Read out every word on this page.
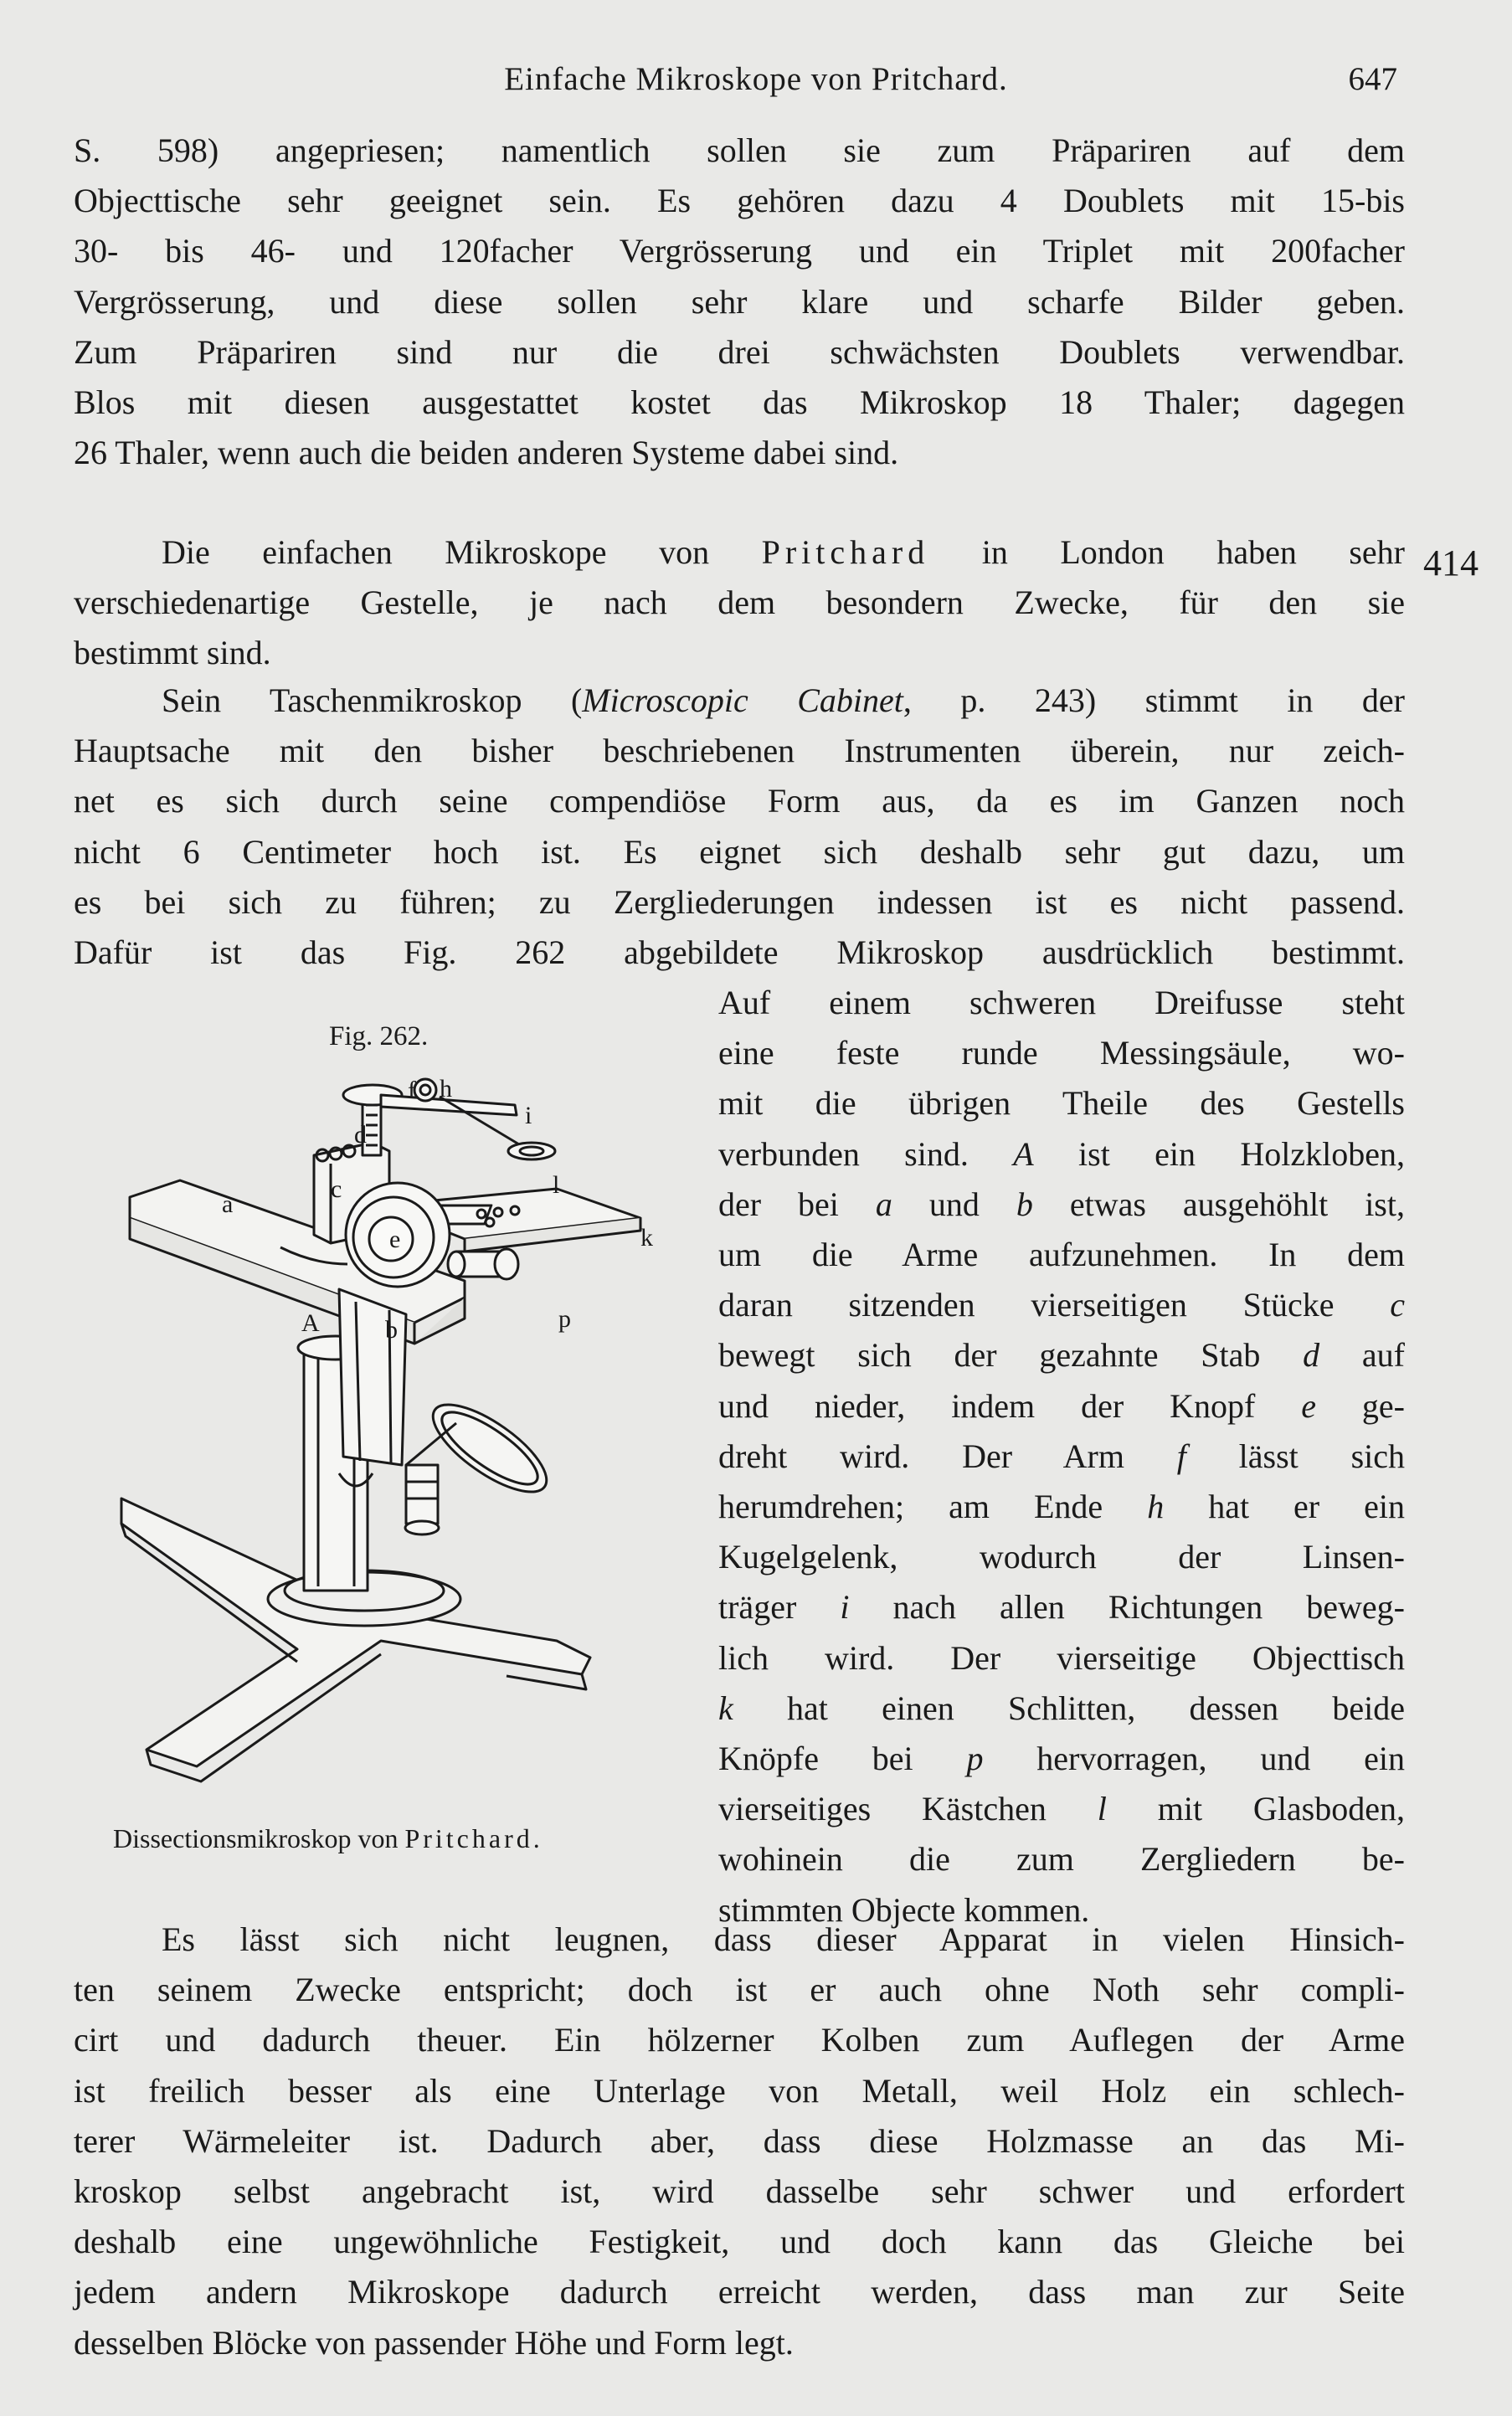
Einfache Mikroskope von Pritchard.	647
S. 598) angepriesen; namentlich sollen sie zum Präpariren auf dem
Objecttische sehr geeignet sein. Es gehören dazu 4 Doublets mit 15-bis
30- bis 46- und 120facher Vergrösserung und ein Triplet mit 200facher
Vergrösserung, und diese sollen sehr klare und scharfe Bilder geben.
Zum Präpariren sind nur die drei schwächsten Doublets verwendbar.
Blos mit diesen ausgestattet kostet das Mikroskop 18 Thaler; dagegen
26 Thaler, wenn auch die beiden anderen Systeme dabei sind.
414
Die einfachen Mikroskope von Pritchard in London haben sehr
verschiedenartige Gestelle, je nach dem besondern Zwecke, für den sie
bestimmt sind.
Sein Taschenmikroskop (Microscopic Cabinet, p. 243) stimmt in der
Hauptsache mit den bisher beschriebenen Instrumenten überein, nur zeich-
net es sich durch seine compendiöse Form aus, da es im Ganzen noch
nicht 6 Centimeter hoch ist. Es eignet sich deshalb sehr gut dazu, um
es bei sich zu führen; zu Zergliederungen indessen ist es nicht passend.
Dafür ist das Fig. 262 abgebildete Mikroskop ausdrücklich bestimmt.
Auf einem schweren Dreifusse steht
eine feste runde Messingsäule, wo-
mit die übrigen Theile des Gestells
verbunden sind. A ist ein Holzkloben,
der bei a und b etwas ausgehöhlt ist,
um die Arme aufzunehmen. In dem
daran sitzenden vierseitigen Stücke c
bewegt sich der gezahnte Stab d auf
und nieder, indem der Knopf e ge-
dreht wird. Der Arm f lässt sich
herumdrehen; am Ende h hat er ein
Kugelgelenk, wodurch der Linsen-
träger i nach allen Richtungen beweg-
lich wird. Der vierseitige Objecttisch
k hat einen Schlitten, dessen beide
Knöpfe bei p hervorragen, und ein
vierseitiges Kästchen l mit Glasboden,
wohinein die zum Zergliedern be-
stimmten Objecte kommen.
Fig. 262.
a
A	b
c
d
e
f h
i
k
l
p
Dissectionsmikroskop von Pritchard.
Es lässt sich nicht leugnen, dass dieser Apparat in vielen Hinsich-
ten seinem Zwecke entspricht; doch ist er auch ohne Noth sehr compli-
cirt und dadurch theuer. Ein hölzerner Kolben zum Auflegen der Arme
ist freilich besser als eine Unterlage von Metall, weil Holz ein schlech-
terer Wärmeleiter ist. Dadurch aber, dass diese Holzmasse an das Mi-
kroskop selbst angebracht ist, wird dasselbe sehr schwer und erfordert
deshalb eine ungewöhnliche Festigkeit, und doch kann das Gleiche bei
jedem andern Mikroskope dadurch erreicht werden, dass man zur Seite
desselben Blöcke von passender Höhe und Form legt.
